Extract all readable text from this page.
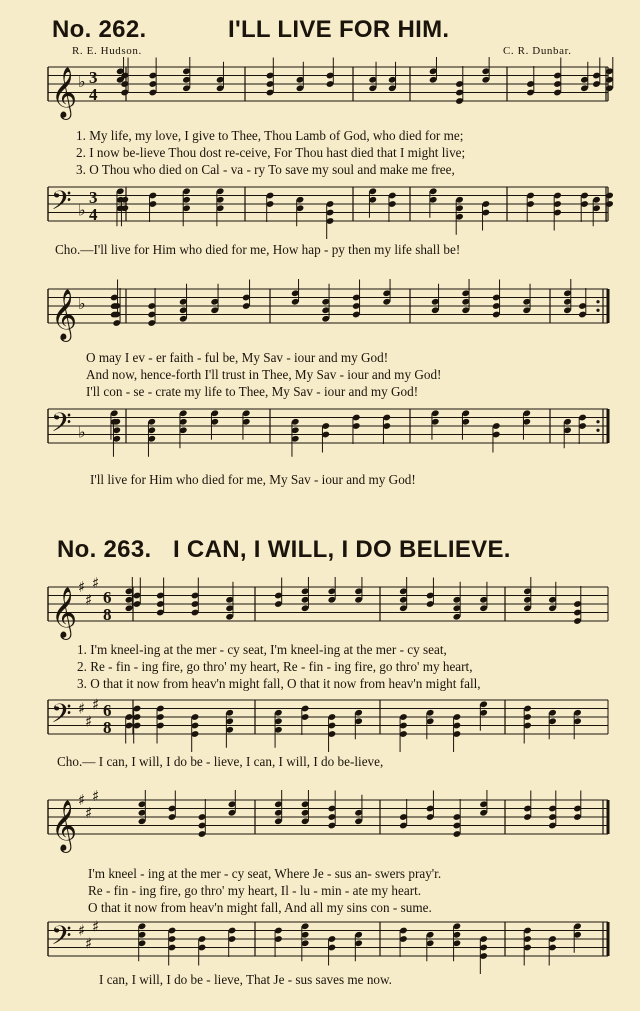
No. 262.	I'LL LIVE FOR HIM.
R. E. Hudson.	C. R. Dunbar.
𝄞 ♭ 3
4
1. My life, my love, I give to Thee, Thou Lamb of God, who died for me;
2. I now be-lieve Thou dost re-ceive, For Thou hast died that I might live;
3. O Thou who died on Cal - va - ry To save my soul and make me free,
𝄢 ♭
3
4
Cho.—I'll live for Him who died for me, How hap - py then my life shall be!
𝄞 ♭
O may I ev - er faith - ful be, My Sav - iour and my God!
And now, hence-forth I'll trust in Thee, My Sav - iour and my God!
I'll con - se - crate my life to Thee, My Sav - iour and my God!
𝄢 ♭
I'll live for Him who died for me, My Sav - iour and my God!
No. 263. I CAN, I WILL, I DO BELIEVE.
𝄞 ♯
♯
♯
6
8
1. I'm kneel-ing at the mer - cy seat, I'm kneel-ing at the mer - cy seat,
2. Re - fin - ing fire, go thro' my heart, Re - fin - ing fire, go thro' my heart,
3. O that it now from heav'n might fall, O that it now from heav'n might fall,
𝄢 ♯
♯
♯ 6
8
Cho.— I can, I will, I do be - lieve, I can, I will, I do be-lieve,
𝄞 ♯
♯
♯
I'm kneel - ing at the mer - cy seat, Where Je - sus an- swers pray'r.
Re - fin - ing fire, go thro' my heart, Il - lu - min - ate my heart.
O that it now from heav'n might fall, And all my sins con - sume.
𝄢 ♯
♯
♯
I can, I will, I do be - lieve, That Je - sus saves me now.
